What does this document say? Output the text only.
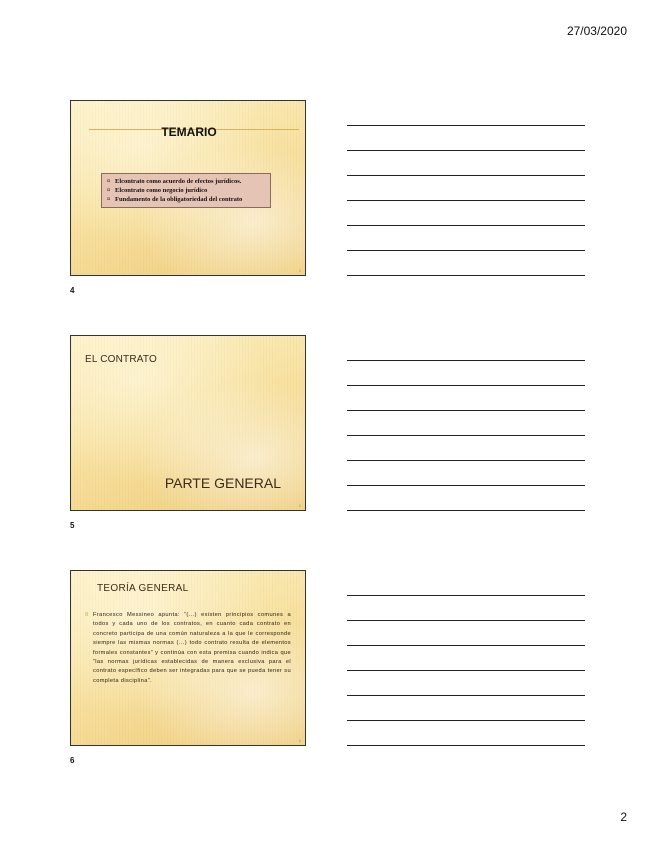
27/03/2020
TEMARIO
¤ Elcontrato como acuerdo de efectos jurídicos.
¤ Elcontrato como negocio jurídico
¤ Fundamento de la obligatoriedad del contrato
4
4
EL CONTRATO
PARTE GENERAL
5
5
TEORÍA GENERAL
¤ Francesco Messineo apunta: “(…) existen principios comunes a todos y cada uno de los contratos, en cuanto cada contrato en concreto participa de una común naturaleza a la que le corresponde siempre las mismas normas (…) todo contrato resulta de elementos formales constantes” y continúa con esta premisa cuando indica que “las normas jurídicas establecidas de manera exclusiva para el contrato específico deben ser integradas para que se pueda tener su completa disciplina”.
6
6
2
